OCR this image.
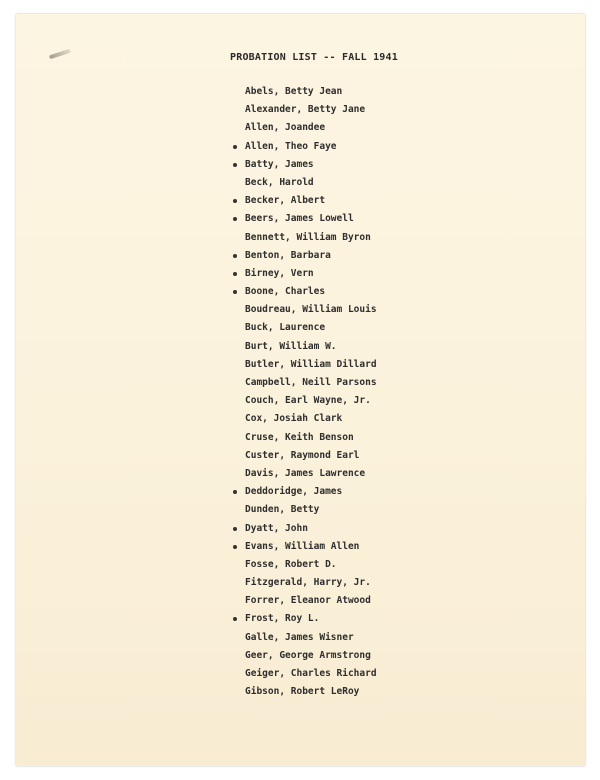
PROBATION LIST -- FALL 1941
Abels, Betty Jean
Alexander, Betty Jane
Allen, Joandee
Allen, Theo Faye
Batty, James
Beck, Harold
Becker, Albert
Beers, James Lowell
Bennett, William Byron
Benton, Barbara
Birney, Vern
Boone, Charles
Boudreau, William Louis
Buck, Laurence
Burt, William W.
Butler, William Dillard
Campbell, Neill Parsons
Couch, Earl Wayne, Jr.
Cox, Josiah Clark
Cruse, Keith Benson
Custer, Raymond Earl
Davis, James Lawrence
Deddoridge, James
Dunden, Betty
Dyatt, John
Evans, William Allen
Fosse, Robert D.
Fitzgerald, Harry, Jr.
Forrer, Eleanor Atwood
Frost, Roy L.
Galle, James Wisner
Geer, George Armstrong
Geiger, Charles Richard
Gibson, Robert LeRoy
